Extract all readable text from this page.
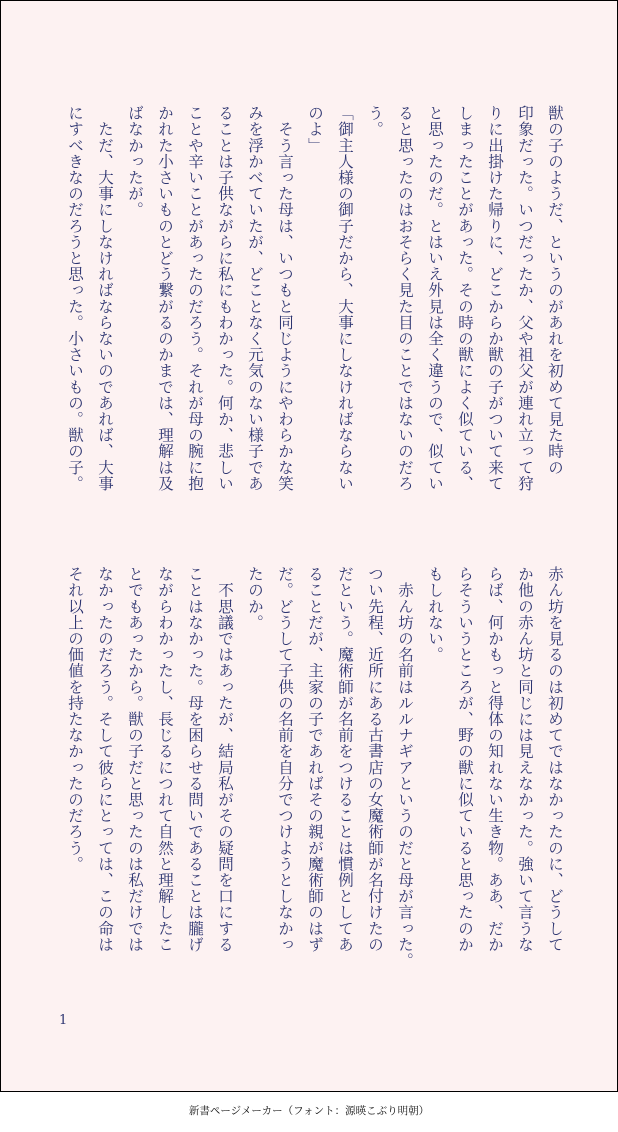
獣の子のようだ、というのがあれを初めて見た時の
印象だった。いつだったか、父や祖父が連れ立って狩
りに出掛けた帰りに、どこからか獣の子がついて来て
しまったことがあった。その時の獣によく似ている、
と思ったのだ。とはいえ外見は全く違うので、似てい
ると思ったのはおそらく見た目のことではないのだろ
う。
「御主人様の御子だから、大事にしなければならない
のよ」
　そう言った母は、いつもと同じようにやわらかな笑
みを浮かべていたが、どことなく元気のない様子であ
ることは子供ながらに私にもわかった。何か、悲しい
ことや辛いことがあったのだろう。それが母の腕に抱
かれた小さいものとどう繋がるのかまでは、理解は及
ばなかったが。
　ただ、大事にしなければならないのであれば、大事
にすべきなのだろうと思った。小さいもの。獣の子。
赤ん坊を見るのは初めてではなかったのに、どうして
か他の赤ん坊と同じには見えなかった。強いて言うな
らば、何かもっと得体の知れない生き物。ああ、だか
らそういうところが、野の獣に似ていると思ったのか
もしれない。
　赤ん坊の名前はルルナギアというのだと母が言った。
つい先程、近所にある古書店の女魔術師が名付けたの
だという。魔術師が名前をつけることは慣例としてあ
ることだが、主家の子であればその親が魔術師のはず
だ。どうして子供の名前を自分でつけようとしなかっ
たのか。
　不思議ではあったが、結局私がその疑問を口にする
ことはなかった。母を困らせる問いであることは朧げ
ながらわかったし、長じるにつれて自然と理解したこ
とでもあったから。獣の子だと思ったのは私だけでは
なかったのだろう。そして彼らにとっては、この命は
それ以上の価値を持たなかったのだろう。
1
新書ページメーカー（フォント：源暎こぶり明朝）
